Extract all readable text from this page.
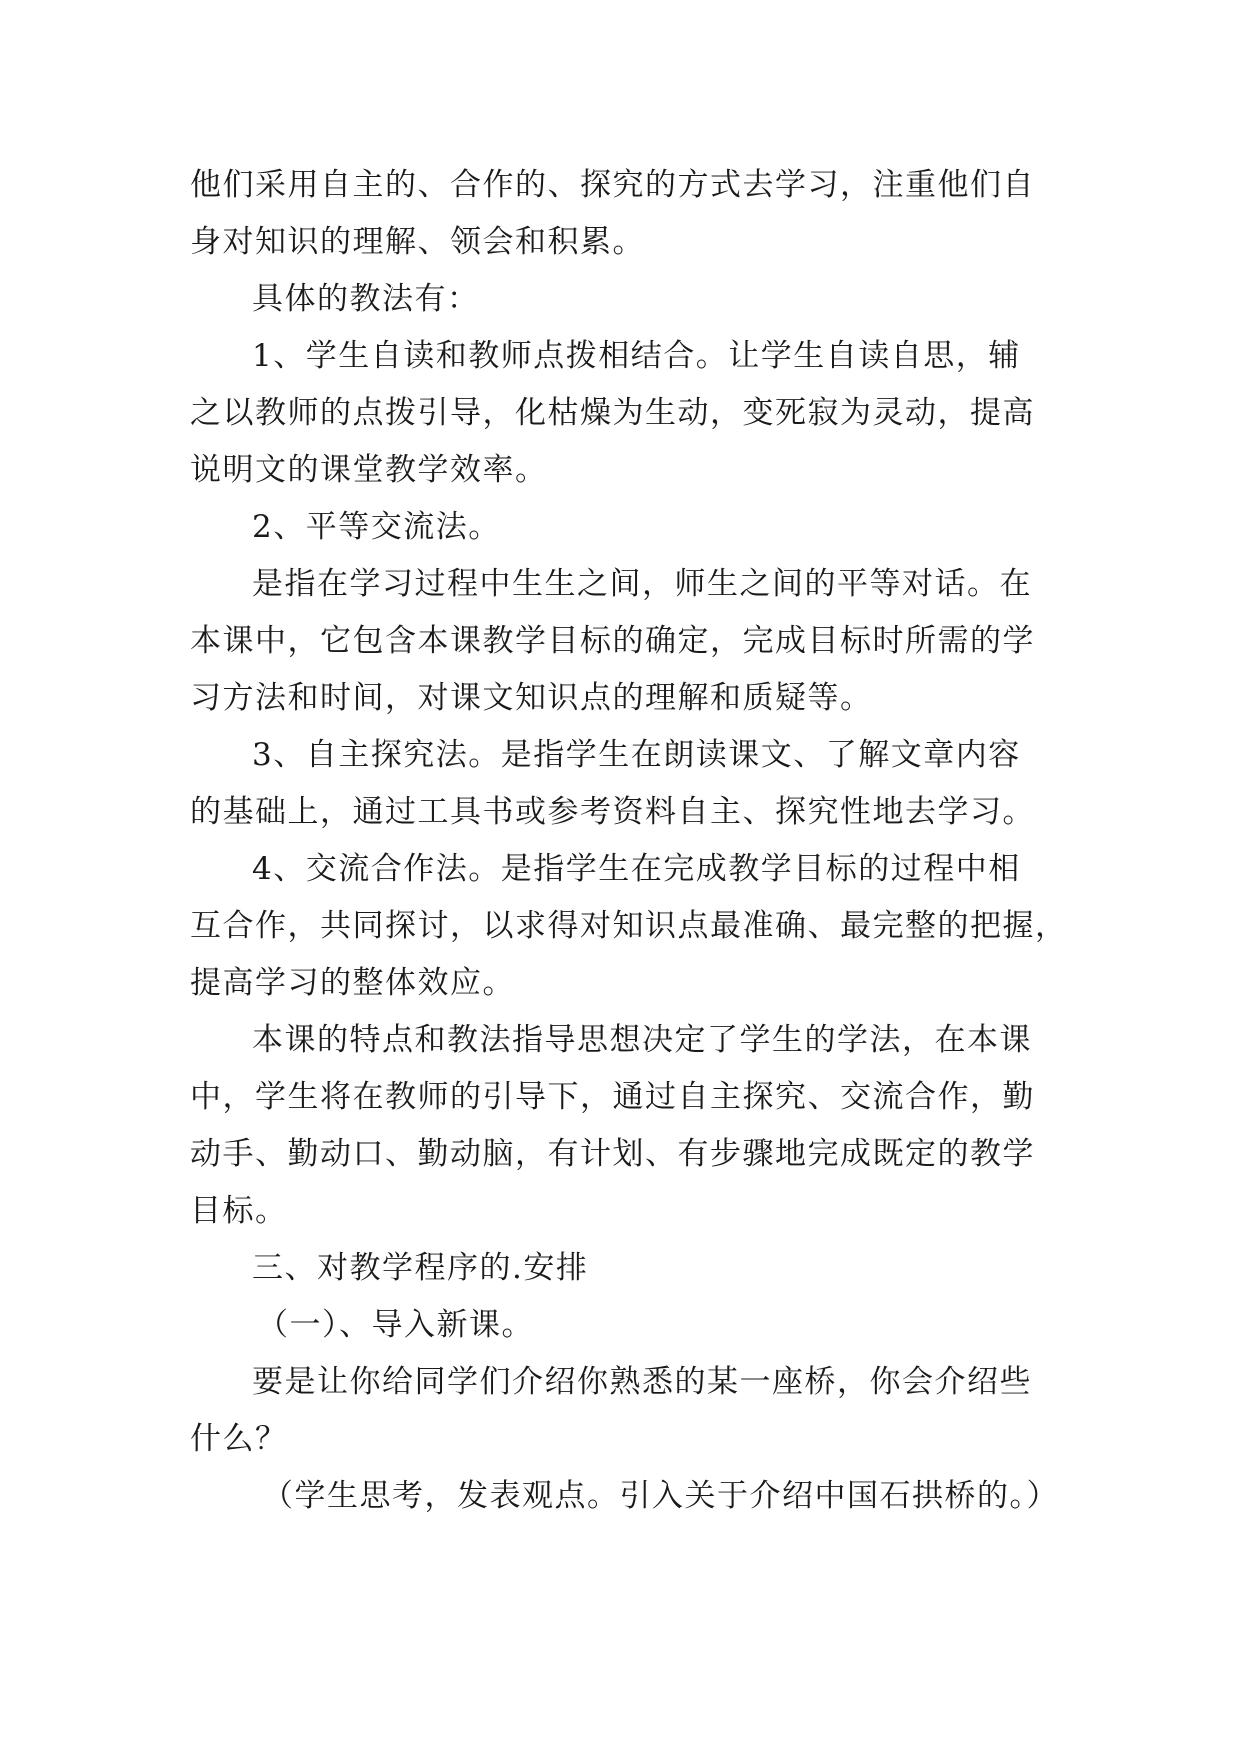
他们采用自主的、合作的、探究的方式去学习，注重他们自
身对知识的理解、领会和积累。
具体的教法有：
1、学生自读和教师点拨相结合。让学生自读自思，辅
之以教师的点拨引导，化枯燥为生动，变死寂为灵动，提高
说明文的课堂教学效率。
2、平等交流法。
是指在学习过程中生生之间，师生之间的平等对话。在
本课中，它包含本课教学目标的确定，完成目标时所需的学
习方法和时间，对课文知识点的理解和质疑等。
3、自主探究法。是指学生在朗读课文、了解文章内容
的基础上，通过工具书或参考资料自主、探究性地去学习。
4、交流合作法。是指学生在完成教学目标的过程中相
互合作，共同探讨，以求得对知识点最准确、最完整的把握，
提高学习的整体效应。
本课的特点和教法指导思想决定了学生的学法，在本课
中，学生将在教师的引导下，通过自主探究、交流合作，勤
动手、勤动口、勤动脑，有计划、有步骤地完成既定的教学
目标。
三、对教学程序的.安排
（一）、导入新课。
要是让你给同学们介绍你熟悉的某一座桥，你会介绍些
什么？
（学生思考，发表观点。引入关于介绍中国石拱桥的。）
